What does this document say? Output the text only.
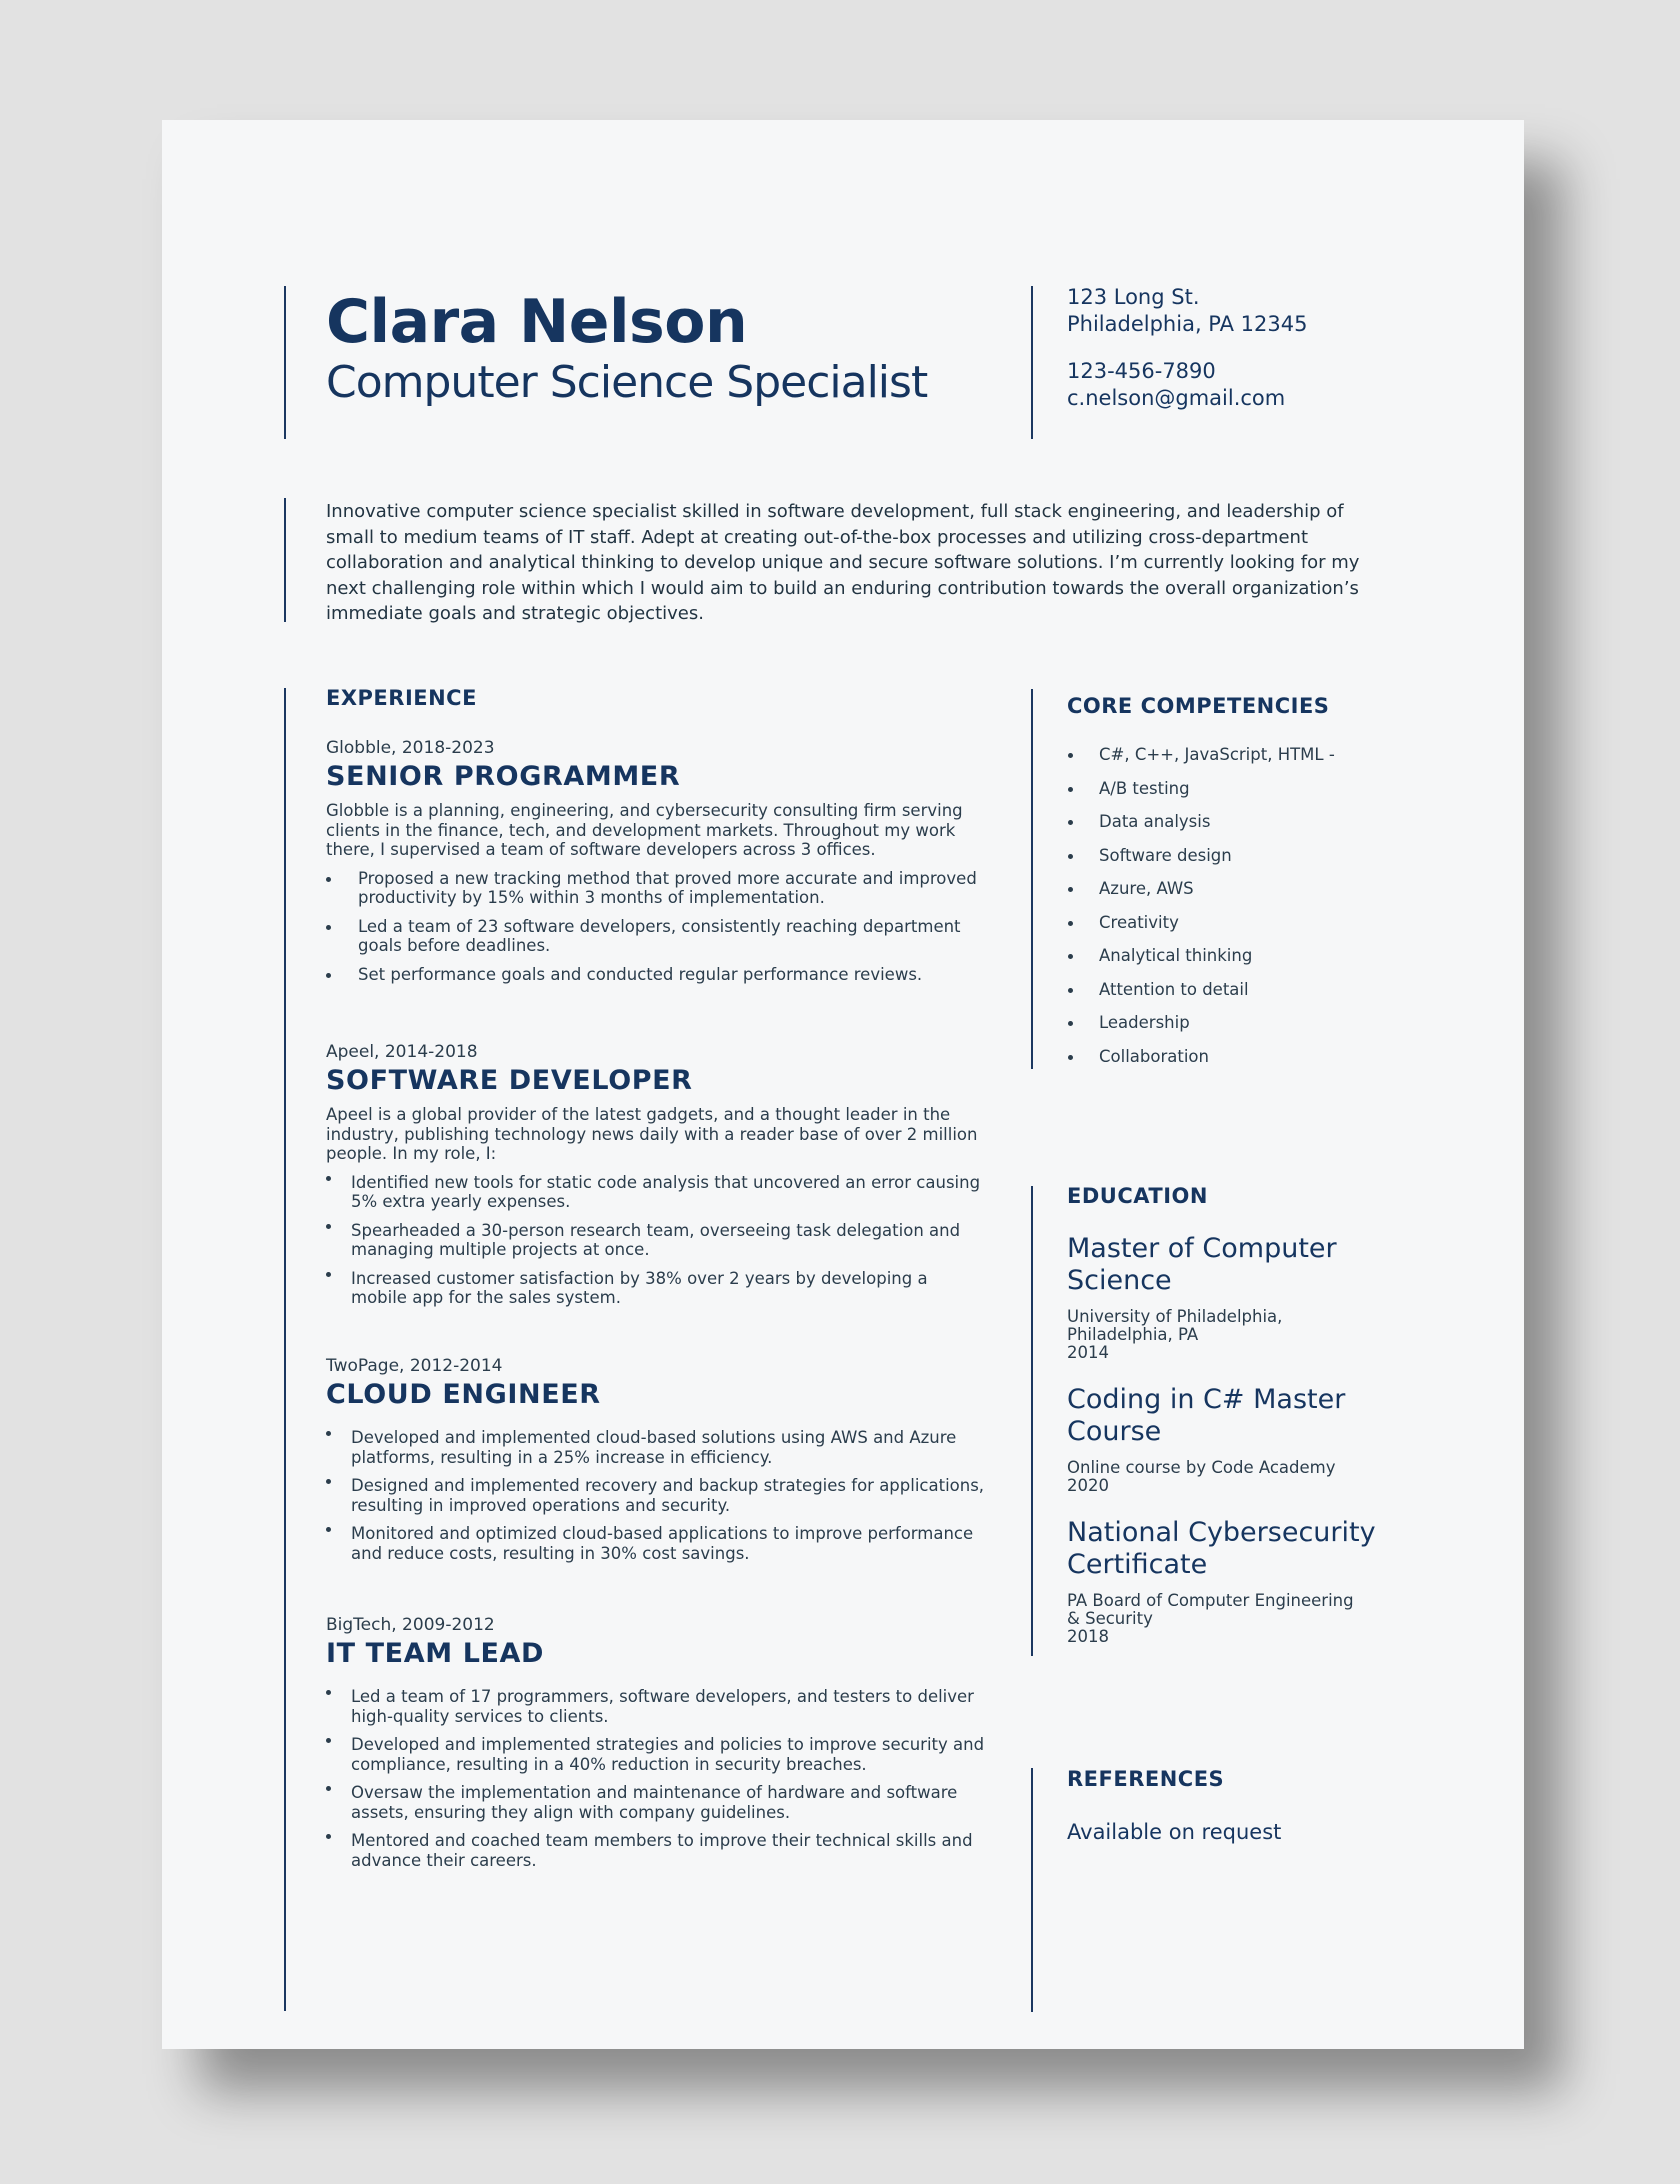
Clara Nelson
Computer Science Specialist
123 Long St.
Philadelphia, PA 12345
123-456-7890
c.nelson@gmail.com
Innovative computer science specialist skilled in software development, full stack engineering, and leadership of small to medium teams of IT staff. Adept at creating out-of-the-box processes and utilizing cross-department collaboration and analytical thinking to develop unique and secure software solutions. I’m currently looking for my next challenging role within which I would aim to build an enduring contribution towards the overall organization’s immediate goals and strategic objectives.
EXPERIENCE
Globble, 2018-2023
SENIOR PROGRAMMER
Globble is a planning, engineering, and cybersecurity consulting firm serving clients in the finance, tech, and development markets. Throughout my work there, I supervised a team of software developers across 3 offices.
Proposed a new tracking method that proved more accurate and improved productivity by 15% within 3 months of implementation.
Led a team of 23 software developers, consistently reaching department goals before deadlines.
Set performance goals and conducted regular performance reviews.
Apeel, 2014-2018
SOFTWARE DEVELOPER
Apeel is a global provider of the latest gadgets, and a thought leader in the industry, publishing technology news daily with a reader base of over 2 million people. In my role, I:
Identified new tools for static code analysis that uncovered an error causing 5% extra yearly expenses.
Spearheaded a 30-person research team, overseeing task delegation and managing multiple projects at once.
Increased customer satisfaction by 38% over 2 years by developing a mobile app for the sales system.
TwoPage, 2012-2014
CLOUD ENGINEER
Developed and implemented cloud-based solutions using AWS and Azure platforms, resulting in a 25% increase in efficiency.
Designed and implemented recovery and backup strategies for applications, resulting in improved operations and security.
Monitored and optimized cloud-based applications to improve performance and reduce costs, resulting in 30% cost savings.
BigTech, 2009-2012
IT TEAM LEAD
Led a team of 17 programmers, software developers, and testers to deliver high-quality services to clients.
Developed and implemented strategies and policies to improve security and compliance, resulting in a 40% reduction in security breaches.
Oversaw the implementation and maintenance of hardware and software assets, ensuring they align with company guidelines.
Mentored and coached team members to improve their technical skills and advance their careers.
CORE COMPETENCIES
C#, C++, JavaScript, HTML -
A/B testing
Data analysis
Software design
Azure, AWS
Creativity
Analytical thinking
Attention to detail
Leadership
Collaboration
EDUCATION
Master of Computer Science
University of Philadelphia, Philadelphia, PA
2014
Coding in C# Master Course
Online course by Code Academy
2020
National Cybersecurity Certificate
PA Board of Computer Engineering & Security
2018
REFERENCES
Available on request
